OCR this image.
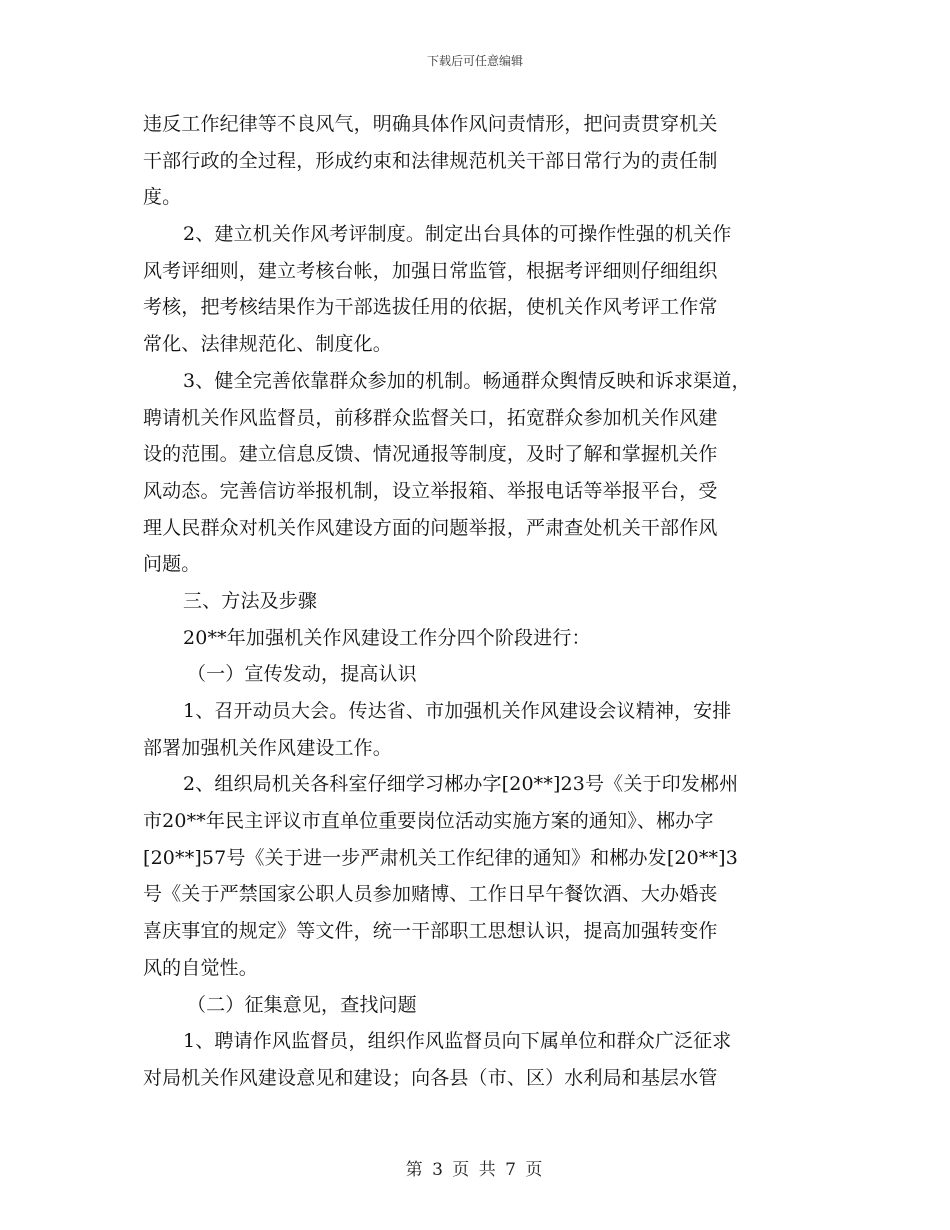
下载后可任意编辑
违反工作纪律等不良风气，明确具体作风问责情形，把问责贯穿机关
干部行政的全过程，形成约束和法律规范机关干部日常行为的责任制
度。
2、建立机关作风考评制度。制定出台具体的可操作性强的机关作
风考评细则，建立考核台帐，加强日常监管，根据考评细则仔细组织
考核，把考核结果作为干部选拔任用的依据，使机关作风考评工作常
常化、法律规范化、制度化。
3、健全完善依靠群众参加的机制。畅通群众舆情反映和诉求渠道，
聘请机关作风监督员，前移群众监督关口，拓宽群众参加机关作风建
设的范围。建立信息反馈、情况通报等制度，及时了解和掌握机关作
风动态。完善信访举报机制，设立举报箱、举报电话等举报平台，受
理人民群众对机关作风建设方面的问题举报，严肃查处机关干部作风
问题。
三、方法及步骤
20**年加强机关作风建设工作分四个阶段进行：
（一）宣传发动，提高认识
1、召开动员大会。传达省、市加强机关作风建设会议精神，安排
部署加强机关作风建设工作。
2、组织局机关各科室仔细学习郴办字[20**]23号《关于印发郴州
市20**年民主评议市直单位重要岗位活动实施方案的通知》、郴办字
[20**]57号《关于进一步严肃机关工作纪律的通知》和郴办发[20**]3
号《关于严禁国家公职人员参加赌博、工作日早午餐饮酒、大办婚丧
喜庆事宜的规定》等文件，统一干部职工思想认识，提高加强转变作
风的自觉性。
（二）征集意见，查找问题
1、聘请作风监督员，组织作风监督员向下属单位和群众广泛征求
对局机关作风建设意见和建设；向各县（市、区）水利局和基层水管
第 3 页 共 7 页
